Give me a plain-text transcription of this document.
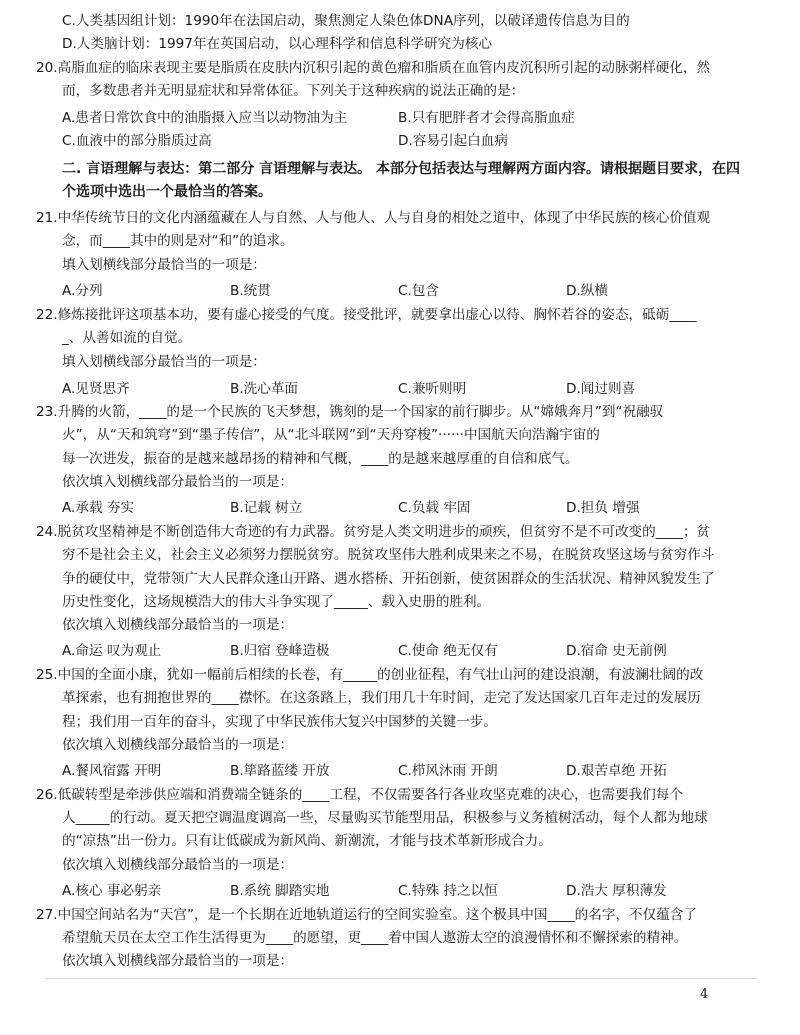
C.人类基因组计划：1990年在法国启动，聚焦测定人染色体DNA序列，以破译遗传信息为目的
D.人类脑计划：1997年在英国启动，以心理科学和信息科学研究为核心
20.高脂血症的临床表现主要是脂质在皮肤内沉积引起的黄色瘤和脂质在血管内皮沉积所引起的动脉粥样硬化，然
而，多数患者并无明显症状和异常体征。下列关于这种疾病的说法正确的是：
A.患者日常饮食中的油脂摄入应当以动物油为主	B.只有肥胖者才会得高脂血症
C.血液中的部分脂质过高	D.容易引起白血病
二. 言语理解与表达：第二部分 言语理解与表达。 本部分包括表达与理解两方面内容。请根据题目要求，在四
个选项中选出一个最恰当的答案。
21.中华传统节日的文化内涵蕴藏在人与自然、人与他人、人与自身的相处之道中，体现了中华民族的核心价值观
念，而____其中的则是对“和”的追求。
填入划横线部分最恰当的一项是：
A.分列	B.统贯	C.包含	D.纵横
22.修炼接批评这项基本功，要有虚心接受的气度。接受批评，就要拿出虚心以待、胸怀若谷的姿态，砥砺____
_、从善如流的自觉。
填入划横线部分最恰当的一项是：
A.见贤思齐	B.洗心革面	C.兼听则明	D.闻过则喜
23.升腾的火箭，____的是一个民族的飞天梦想，镌刻的是一个国家的前行脚步。从“嫦娥奔月”到“祝融驭
火”，从“天和筑穹”到“墨子传信”，从“北斗联网”到“天舟穿梭”······中国航天向浩瀚宇宙的
每一次进发，振奋的是越来越昂扬的精神和气概，____的是越来越厚重的自信和底气。
依次填入划横线部分最恰当的一项是：
A.承载 夯实	B.记载 树立	C.负载 牢固	D.担负 增强
24.脱贫攻坚精神是不断创造伟大奇迹的有力武器。贫穷是人类文明进步的顽疾，但贫穷不是不可改变的____；贫
穷不是社会主义，社会主义必须努力摆脱贫穷。脱贫攻坚伟大胜利成果来之不易，在脱贫攻坚这场与贫穷作斗
争的硬仗中，党带领广大人民群众逢山开路、遇水搭桥、开拓创新，使贫困群众的生活状况、精神风貌发生了
历史性变化，这场规模浩大的伟大斗争实现了_____、载入史册的胜利。
依次填入划横线部分最恰当的一项是：
A.命运 叹为观止	B.归宿 登峰造极	C.使命 绝无仅有	D.宿命 史无前例
25.中国的全面小康，犹如一幅前后相续的长卷，有_____的创业征程，有气壮山河的建设浪潮，有波澜壮阔的改
革探索，也有拥抱世界的____襟怀。在这条路上，我们用几十年时间，走完了发达国家几百年走过的发展历
程；我们用一百年的奋斗，实现了中华民族伟大复兴中国梦的关键一步。
依次填入划横线部分最恰当的一项是：
A.餐风宿露 开明	B.筚路蓝缕 开放	C.栉风沐雨 开朗	D.艰苦卓绝 开拓
26.低碳转型是牵涉供应端和消费端全链条的____工程，不仅需要各行各业攻坚克难的决心，也需要我们每个
人_____的行动。夏天把空调温度调高一些，尽量购买节能型用品，积极参与义务植树活动，每个人都为地球
的“凉热”出一份力。只有让低碳成为新风尚、新潮流，才能与技术革新形成合力。
依次填入划横线部分最恰当的一项是：
A.核心 事必躬亲	B.系统 脚踏实地	C.特殊 持之以恒	D.浩大 厚积薄发
27.中国空间站名为“天宫”，是一个长期在近地轨道运行的空间实验室。这个极具中国____的名字，不仅蕴含了
希望航天员在太空工作生活得更为____的愿望，更____着中国人遨游太空的浪漫情怀和不懈探索的精神。
依次填入划横线部分最恰当的一项是：
4
